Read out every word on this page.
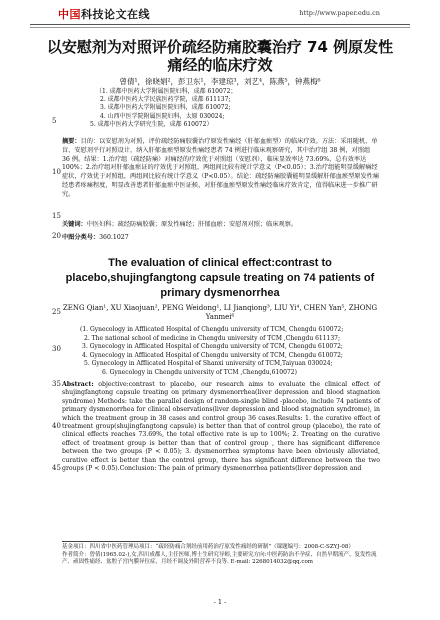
中国科技论文在线	http://www.paper.edu.cn
以安慰剂为对照评价疏经防痛胶囊治疗 74 例原发性痛经的临床疗效
曾倩¹，徐晓娟²，彭卫东¹，李建琼³，刘艺⁴，陈燕⁵，钟燕梅⁶
5
（1. 成都中医药大学附属医院妇科，成都 610072；
2. 成都中医药大学民族医药学院，成都 611137;
3. 成都中医药大学附属医院妇科，成都 610072;
4. 山西中医学院附属医院妇科，太原 030024;
5. 成都中医药大学研究生院，成都 610072）
10
15
摘要：目的：以安慰剂为对照，评价疏经防痛胶囊治疗原发性痛经（肝郁血瘀型）的临床疗效。方法：采用随机、单盲、安慰剂平行对照设计，纳入肝郁血瘀型原发性痛经患者 74 例进行临床观察研究，其中治疗组 38 例，对照组 36 例。结果：1.治疗组（疏经防痛）对痛经的疗效优于对照组（安慰剂），临床显效率达 73.69%，总有效率达 100%；2.治疗组对肝郁血瘀证的疗效优于对照组，两组间比较有统计学意义（P<0.05）；3.治疗组能明显缓解痛经症状，疗效优于对照组，两组间比较有统计学意义（P<0.05）。结论：疏经防痛胶囊能明显缓解肝郁血瘀型原发性痛经患者疼痛程度，明显改善患者肝郁血瘀中医证候，对肝郁血瘀型原发性痛经临床疗效肯定，值得临床进一步推广研究。
关键词：中医妇科；疏经防痛胶囊；原发性痛经；肝郁血瘀；安慰剂对照；临床观察。
20 中图分类号：360.1027
The evaluation of clinical effect:contrast to placebo,shujingfangtong capsule treating on 74 patients of primary dysmenorrhea
25 ZENG Qian¹, XU Xiaojuan², PENG Weidong¹, LI Jianqiong³, LIU Yi⁴, CHEN Yan⁵, ZHONG Yanmei⁶
(1. Gynecology in Afflicated Hospital of Chengdu university of TCM, Chengdu 610072;
2. The national school of medicine in Chengdu university of TCM ,Chengdu 611137;
3. Gynecology in Afflicated Hospital of Chengdu university of TCM, Chengdu 610072;
4. Gynecology in Afflicated Hospital of Chengdu university of TCM, Chengdu 610072;
5. Gynecology in Afflicated Hospital of Shanxi university of TCM,Taiyuan 030024;
6. Gynecology in Chengdu university of TCM ,Chengdu,610072)
30
35
40
45
Abstract: objective:contrast to placebo, our research aims to evaluate the clinical effect of shujingfangtong capsule treating on primary dysmenorrhea(liver depression and blood stagnation syndrome) Methods: take the parallel design of random-single blind -placebo, include 74 patients of primary dysmenorrhea for clinical observations(liver depression and blood stagnation syndrome), in which the treatment group in 38 cases and control group 36 cases.Results: 1. the curative effect of treatment group(shujingfangtong capsule) is better than that of control group (placebo), the rate of clinical effects reaches 73.69%, the total effective rate is up to 100%; 2. Treating on the curative effect of treatment group is better than that of control group , there has significant difference between the two groups (P < 0.05); 3. dysmenorrhea symptoms have been obviously alleviated, curative effect is better than the control group, there has significant difference between the two groups (P < 0.05).Conclusion: The pain of primary dysmenorrhea patients(liver depression and
基金项目：四川省中医药管理局项目：“疏经防痛合剂经前用药治疗原发性痛经的研制”（课题编号：2008-C-SZYJ-08）
作者简介：曾倩(1965.02-),女,四川成都人,主任医师,博士生研究导师,主要研究方向:中医药防治不孕症、自然早期流产、复发性流产、顽固性痛经、盆腔子宫内膜异位症、月经不调及外阴营养不良等. E-mail: 2268014032@qq.com
- 1 -
